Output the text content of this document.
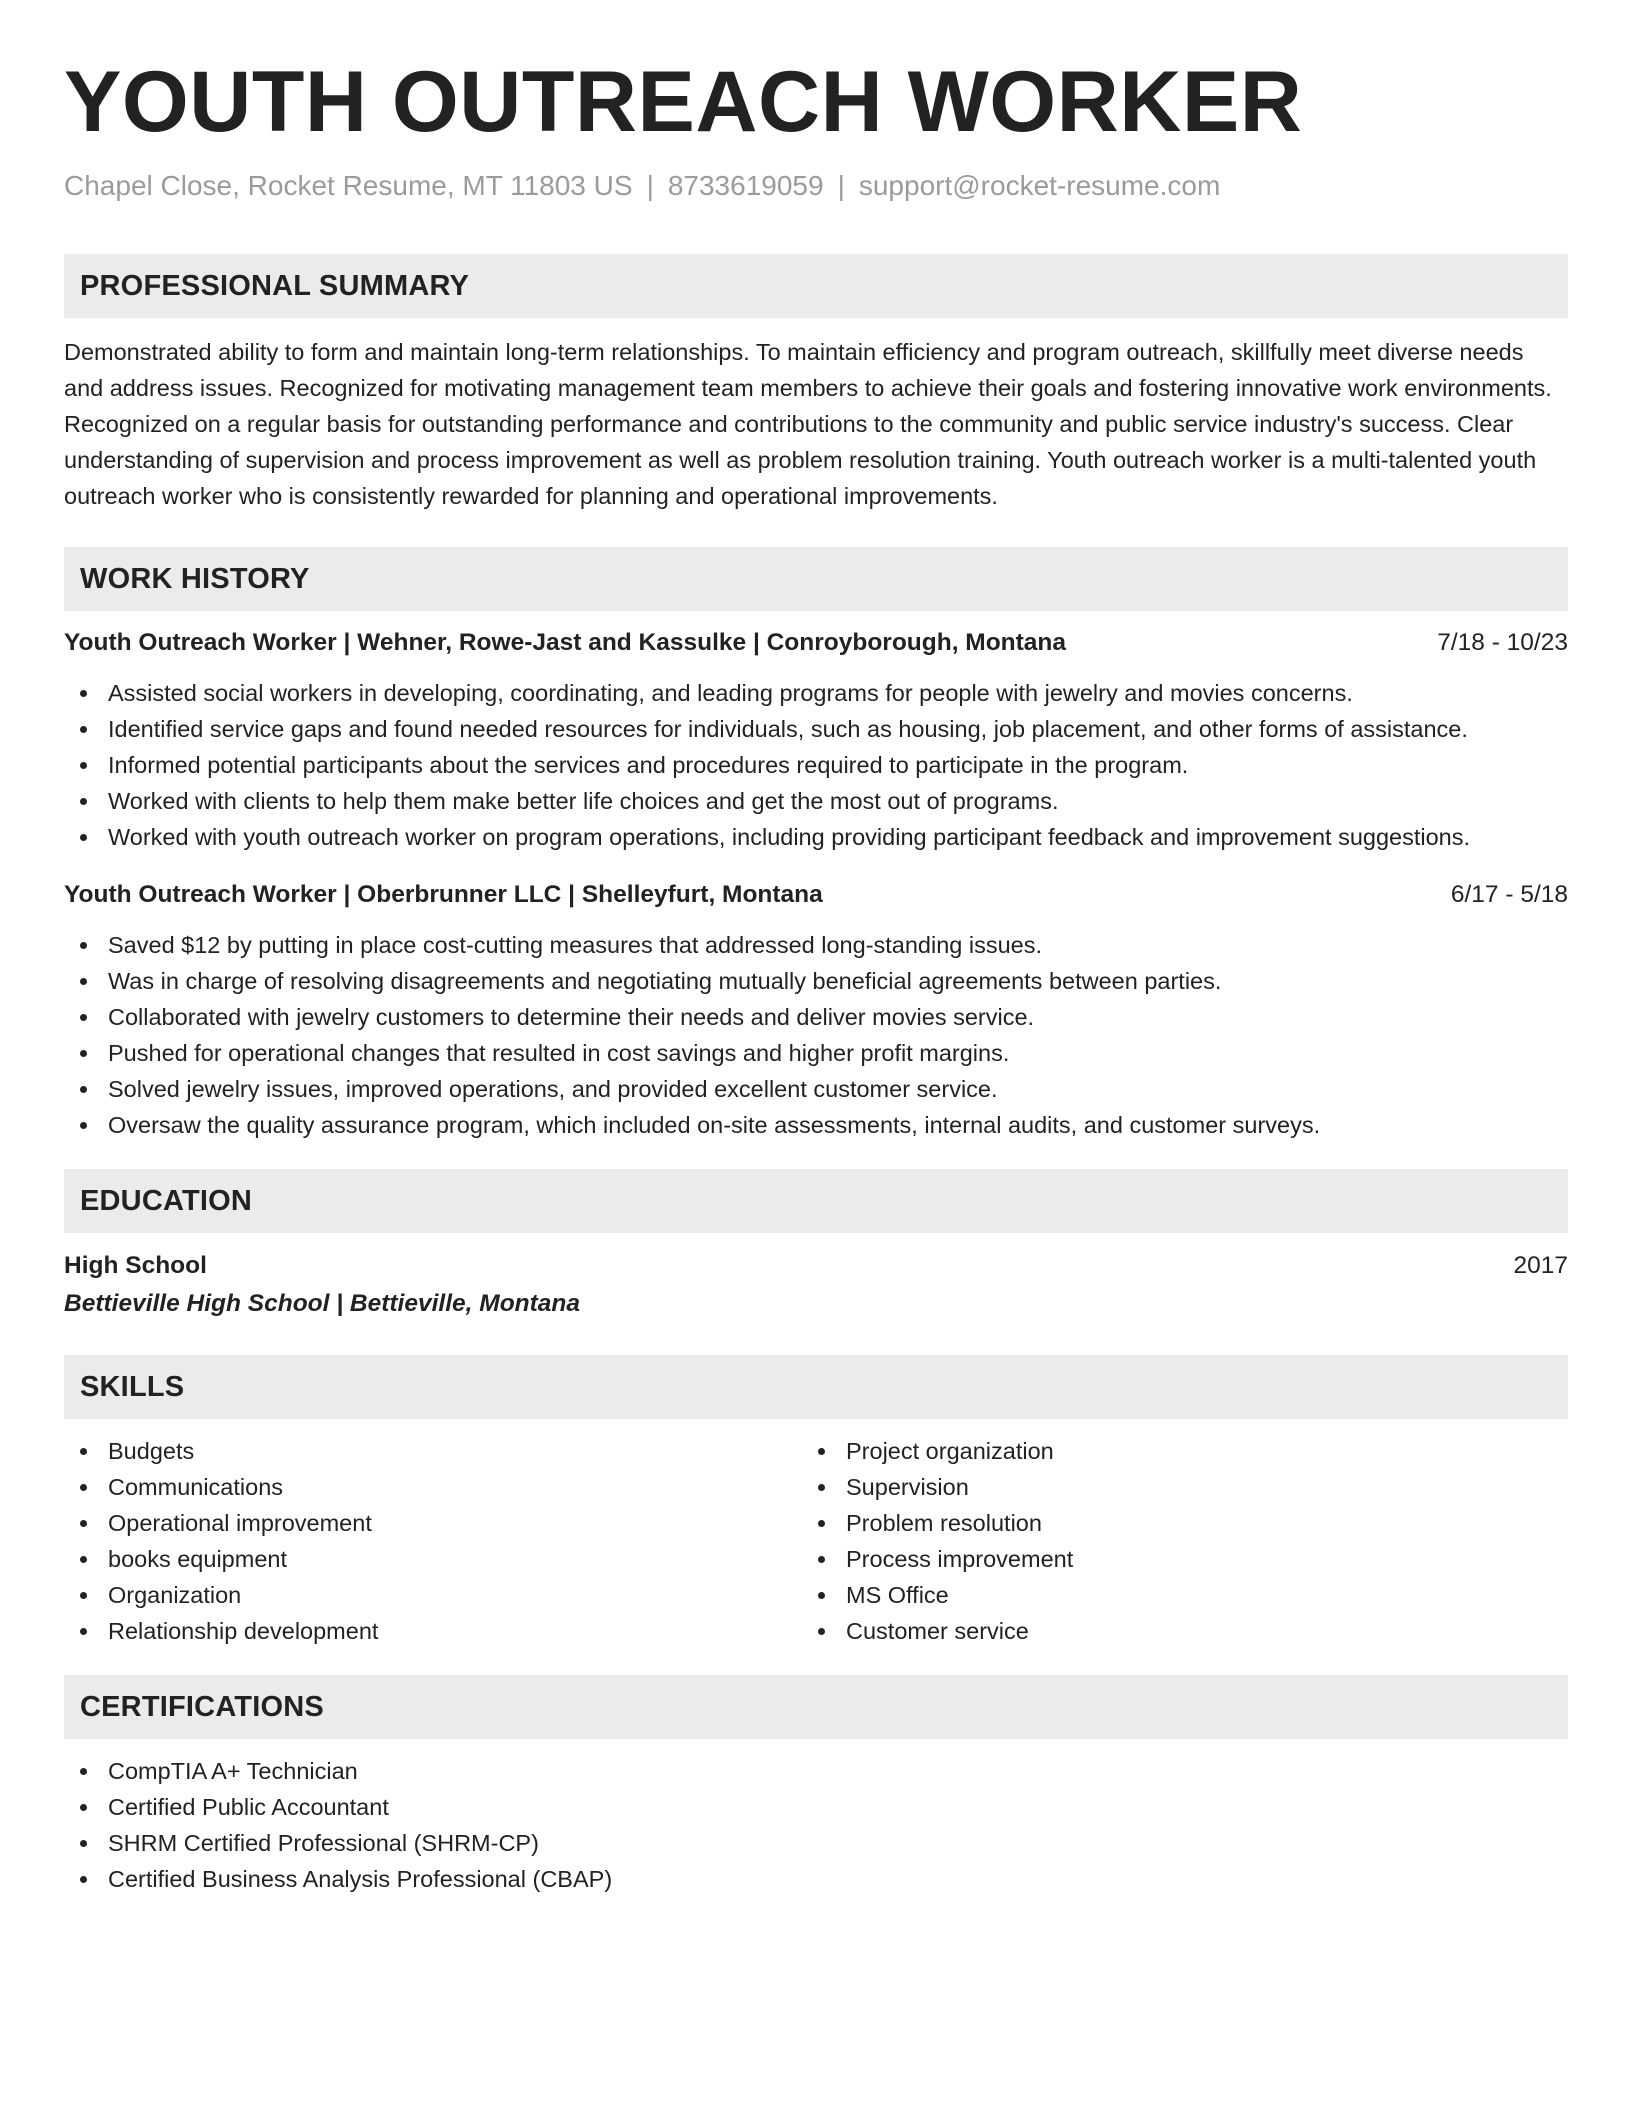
YOUTH OUTREACH WORKER
Chapel Close, Rocket Resume, MT 11803 US | 8733619059 | support@rocket-resume.com
PROFESSIONAL SUMMARY
Demonstrated ability to form and maintain long-term relationships. To maintain efficiency and program outreach, skillfully meet diverse needs and address issues. Recognized for motivating management team members to achieve their goals and fostering innovative work environments. Recognized on a regular basis for outstanding performance and contributions to the community and public service industry's success. Clear understanding of supervision and process improvement as well as problem resolution training. Youth outreach worker is a multi-talented youth outreach worker who is consistently rewarded for planning and operational improvements.
WORK HISTORY
Youth Outreach Worker | Wehner, Rowe-Jast and Kassulke | Conroyborough, Montana	7/18 - 10/23
Assisted social workers in developing, coordinating, and leading programs for people with jewelry and movies concerns.
Identified service gaps and found needed resources for individuals, such as housing, job placement, and other forms of assistance.
Informed potential participants about the services and procedures required to participate in the program.
Worked with clients to help them make better life choices and get the most out of programs.
Worked with youth outreach worker on program operations, including providing participant feedback and improvement suggestions.
Youth Outreach Worker | Oberbrunner LLC | Shelleyfurt, Montana	6/17 - 5/18
Saved $12 by putting in place cost-cutting measures that addressed long-standing issues.
Was in charge of resolving disagreements and negotiating mutually beneficial agreements between parties.
Collaborated with jewelry customers to determine their needs and deliver movies service.
Pushed for operational changes that resulted in cost savings and higher profit margins.
Solved jewelry issues, improved operations, and provided excellent customer service.
Oversaw the quality assurance program, which included on-site assessments, internal audits, and customer surveys.
EDUCATION
High School	2017
Bettieville High School | Bettieville, Montana
SKILLS
Budgets
Communications
Operational improvement
books equipment
Organization
Relationship development
Project organization
Supervision
Problem resolution
Process improvement
MS Office
Customer service
CERTIFICATIONS
CompTIA A+ Technician
Certified Public Accountant
SHRM Certified Professional (SHRM-CP)
Certified Business Analysis Professional (CBAP)
